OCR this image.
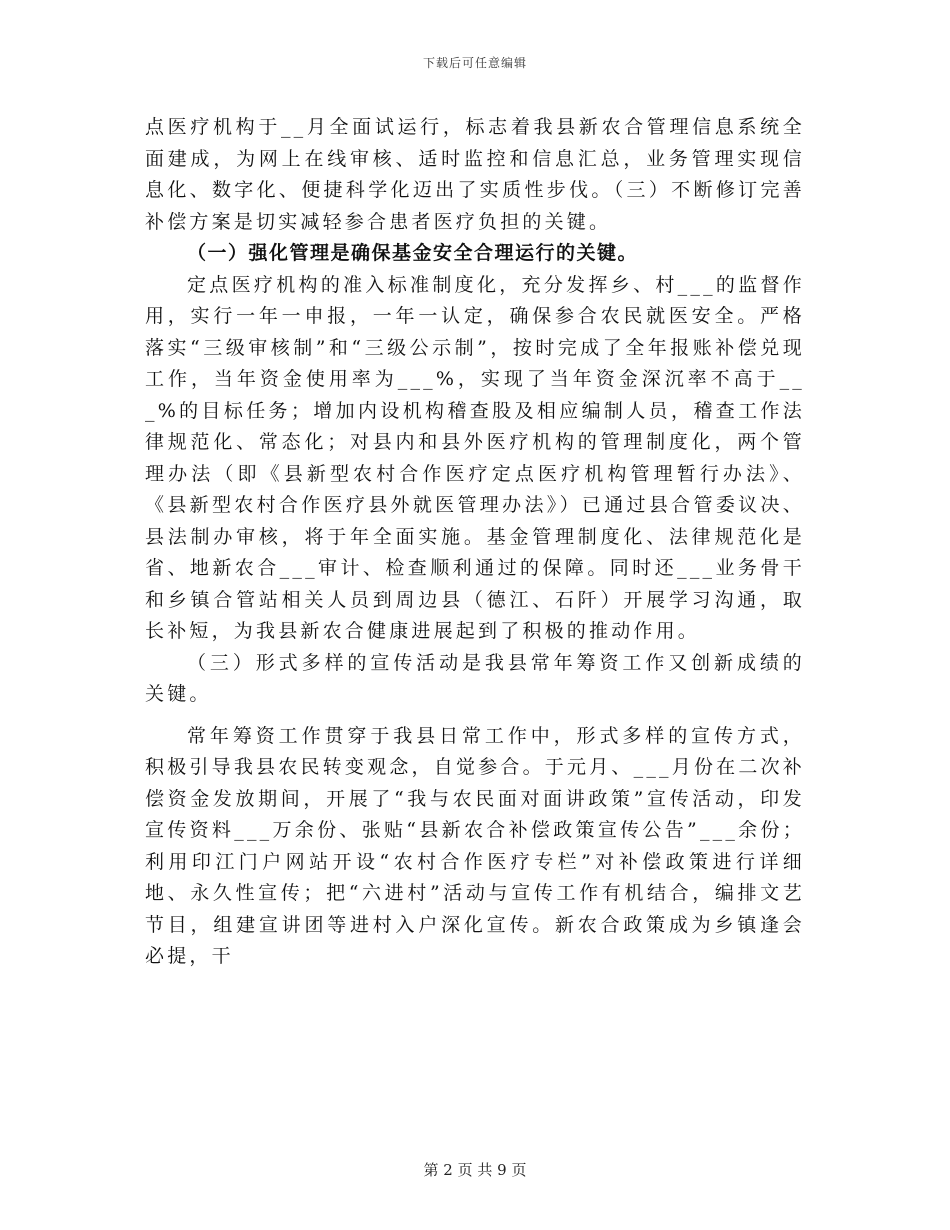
下载后可任意编辑

点医疗机构于__月全面试运行，标志着我县新农合管理信息系统全面建成，为网上在线审核、适时监控和信息汇总，业务管理实现信息化、数字化、便捷科学化迈出了实质性步伐。（三）不断修订完善补偿方案是切实减轻参合患者医疗负担的关键。

（一）强化管理是确保基金安全合理运行的关键。

定点医疗机构的准入标准制度化，充分发挥乡、村___的监督作用，实行一年一申报，一年一认定，确保参合农民就医安全。严格落实“三级审核制”和“三级公示制”，按时完成了全年报账补偿兑现工作，当年资金使用率为___%，实现了当年资金深沉率不高于___%的目标任务；增加内设机构稽查股及相应编制人员，稽查工作法律规范化、常态化；对县内和县外医疗机构的管理制度化，两个管理办法（即《县新型农村合作医疗定点医疗机构管理暂行办法》、《县新型农村合作医疗县外就医管理办法》）已通过县合管委议决、县法制办审核，将于年全面实施。基金管理制度化、法律规范化是省、地新农合___审计、检查顺利通过的保障。同时还___业务骨干和乡镇合管站相关人员到周边县（德江、石阡）开展学习沟通，取长补短，为我县新农合健康进展起到了积极的推动作用。

（三）形式多样的宣传活动是我县常年筹资工作又创新成绩的关键。

常年筹资工作贯穿于我县日常工作中，形式多样的宣传方式，积极引导我县农民转变观念，自觉参合。于元月、___月份在二次补偿资金发放期间，开展了“我与农民面对面讲政策”宣传活动，印发宣传资料___万余份、张贴“县新农合补偿政策宣传公告”___余份；利用印江门户网站开设“农村合作医疗专栏”对补偿政策进行详细地、永久性宣传；把“六进村”活动与宣传工作有机结合，编排文艺节目，组建宣讲团等进村入户深化宣传。新农合政策成为乡镇逢会必提，干

第 2 页 共 9 页
